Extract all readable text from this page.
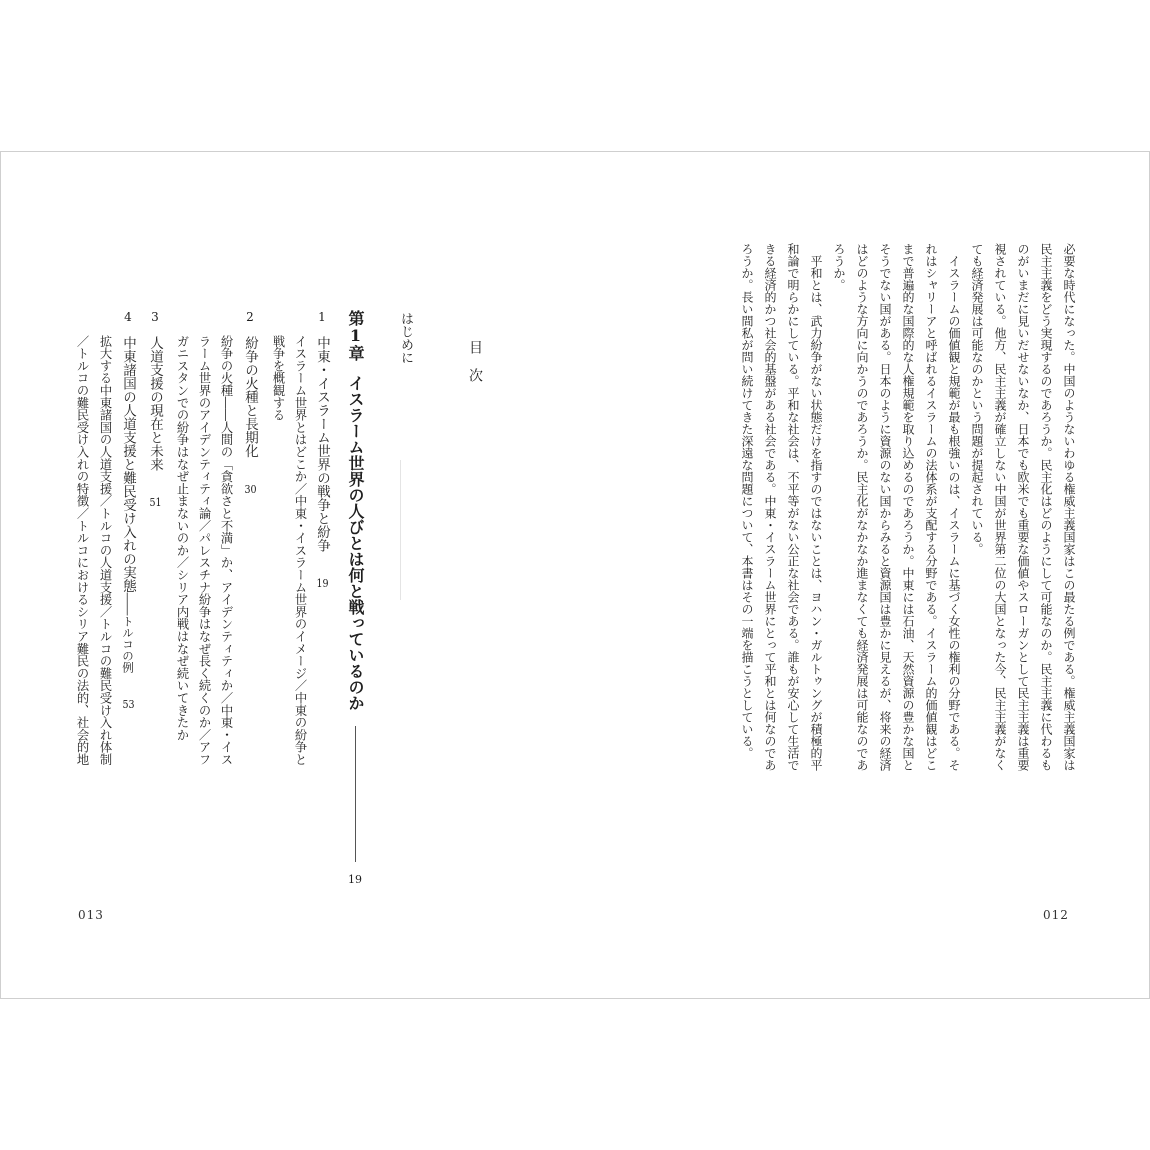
目　次
はじめに
第1章イスラーム世界の人びとは何と戦っているのか
19
1中東・イスラーム世界の戦争と紛争19
イスラーム世界とはどこか／中東・イスラーム世界のイメージ／中東の紛争と
戦争を概観する
2紛争の火種と長期化30
紛争の火種――人間の「貪欲さと不満」か、アイデンティティか／中東・イス
ラーム世界のアイデンティティ論／パレスチナ紛争はなぜ長く続くのか／アフ
ガニスタンでの紛争はなぜ止まないのか／シリア内戦はなぜ続いてきたか
3人道支援の現在と未来51
4中東諸国の人道支援と難民受け入れの実態――トルコの例53
拡大する中東諸国の人道支援／トルコの人道支援／トルコの難民受け入れ体制
／トルコの難民受け入れの特徴／トルコにおけるシリア難民の法的、社会的地
013
必要な時代になった。中国のようないわゆる権威主義国家はこの最たる例である。権威主義国家は
民主主義をどう実現するのであろうか。民主化はどのようにして可能なのか。民主主義に代わるも
のがいまだに見いだせないなか、日本でも欧米でも重要な価値やスローガンとして民主主義は重要
視されている。他方、民主主義が確立しない中国が世界第二位の大国となった今、民主主義がなく
ても経済発展は可能なのかという問題が提起されている。
　イスラームの価値観と規範が最も根強いのは、イスラームに基づく女性の権利の分野である。そ
れはシャリーアと呼ばれるイスラームの法体系が支配する分野である。イスラーム的価値観はどこ
まで普遍的な国際的な人権規範を取り込めるのであろうか。中東には石油、天然資源の豊かな国と
そうでない国がある。日本のように資源のない国からみると資源国は豊かに見えるが、将来の経済
はどのような方向に向かうのであろうか。民主化がなかなか進まなくても経済発展は可能なのであ
ろうか。
　平和とは、武力紛争がない状態だけを指すのではないことは、ヨハン・ガルトゥングが積極的平
和論で明らかにしている。平和な社会は、不平等がない公正な社会である。誰もが安心して生活で
きる経済的かつ社会的基盤がある社会である。中東・イスラーム世界にとって平和とは何なのであ
ろうか。長い間私が問い続けてきた深遠な問題について、本書はその一端を描こうとしている。
012
